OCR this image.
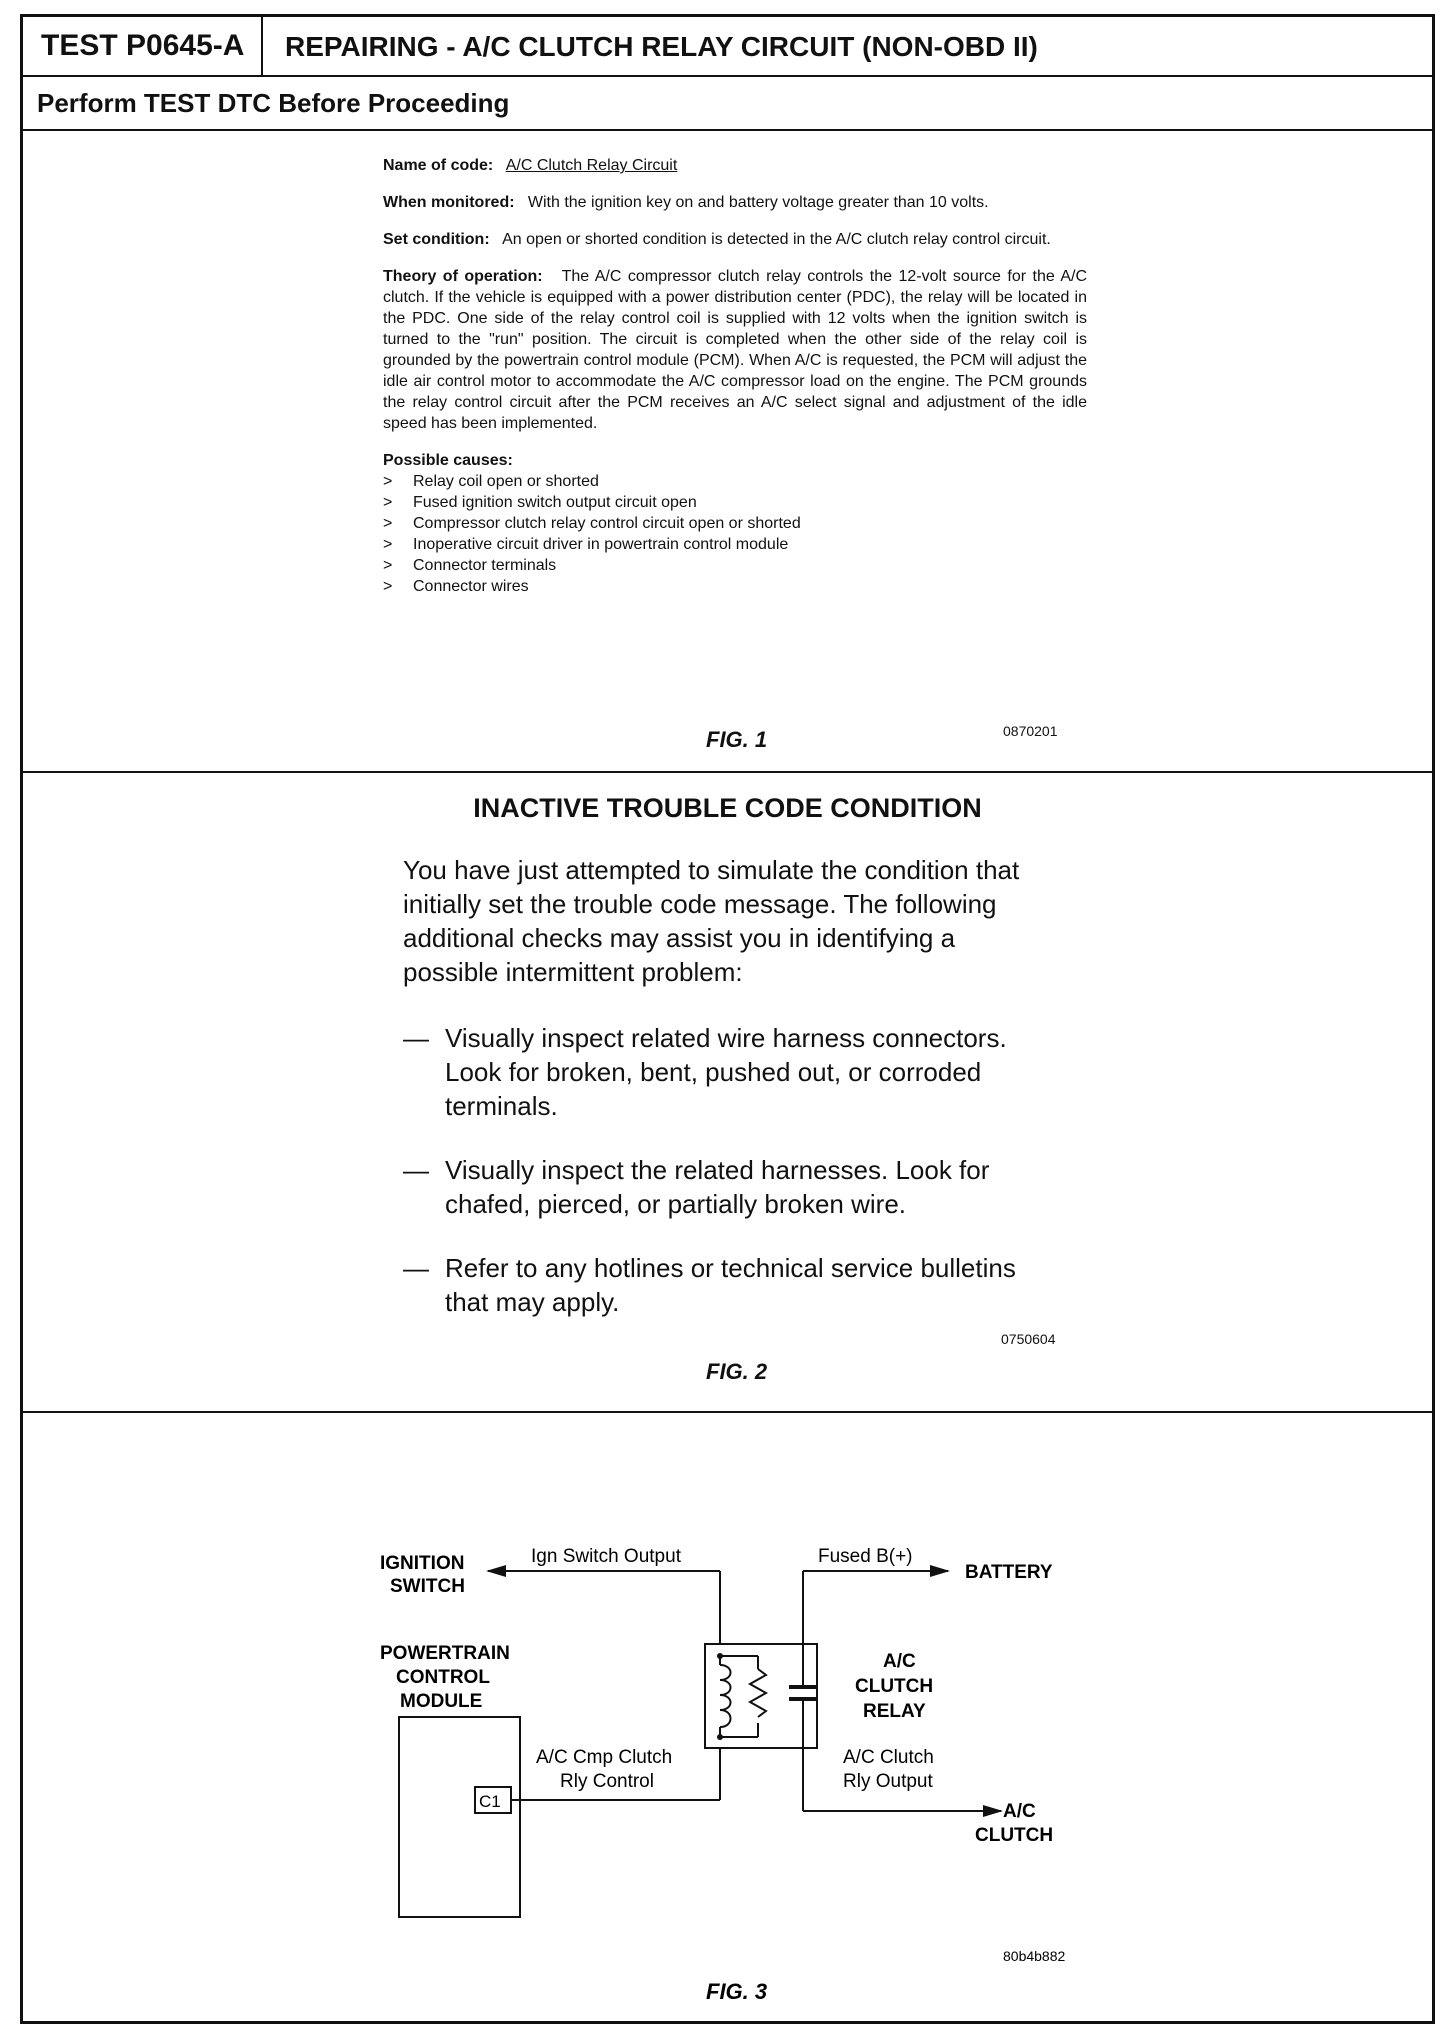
TEST P0645-A	REPAIRING - A/C CLUTCH RELAY CIRCUIT (NON-OBD II)
Perform TEST DTC Before Proceeding

Name of code: A/C Clutch Relay Circuit

When monitored: With the ignition key on and battery voltage greater than 10 volts.

Set condition: An open or shorted condition is detected in the A/C clutch relay control circuit.

Theory of operation: The A/C compressor clutch relay controls the 12-volt source for the A/C clutch. If the vehicle is equipped with a power distribution center (PDC), the relay will be located in the PDC. One side of the relay control coil is supplied with 12 volts when the ignition switch is turned to the "run" position. The circuit is completed when the other side of the relay coil is grounded by the powertrain control module (PCM). When A/C is requested, the PCM will adjust the idle air control motor to accommodate the A/C compressor load on the engine. The PCM grounds the relay control circuit after the PCM receives an A/C select signal and adjustment of the idle speed has been implemented.

Possible causes:
>	Relay coil open or shorted
>	Fused ignition switch output circuit open
>	Compressor clutch relay control circuit open or shorted
>	Inoperative circuit driver in powertrain control module
>	Connector terminals
>	Connector wires
FIG. 1	0870201
INACTIVE TROUBLE CODE CONDITION

You have just attempted to simulate the condition that initially set the trouble code message. The following additional checks may assist you in identifying a possible intermittent problem:

— Visually inspect related wire harness connectors. Look for broken, bent, pushed out, or corroded terminals.
— Visually inspect the related harnesses. Look for chafed, pierced, or partially broken wire.
— Refer to any hotlines or technical service bulletins that may apply.
0750604
FIG. 2
IGNITION
SWITCH
Ign Switch Output	Fused B(+)
BATTERY
POWERTRAIN
CONTROL
MODULE
C1
A/C Cmp Clutch
Rly Control
A/C
CLUTCH
RELAY
A/C Clutch
Rly Output
A/C
CLUTCH
80b4b882
FIG. 3
